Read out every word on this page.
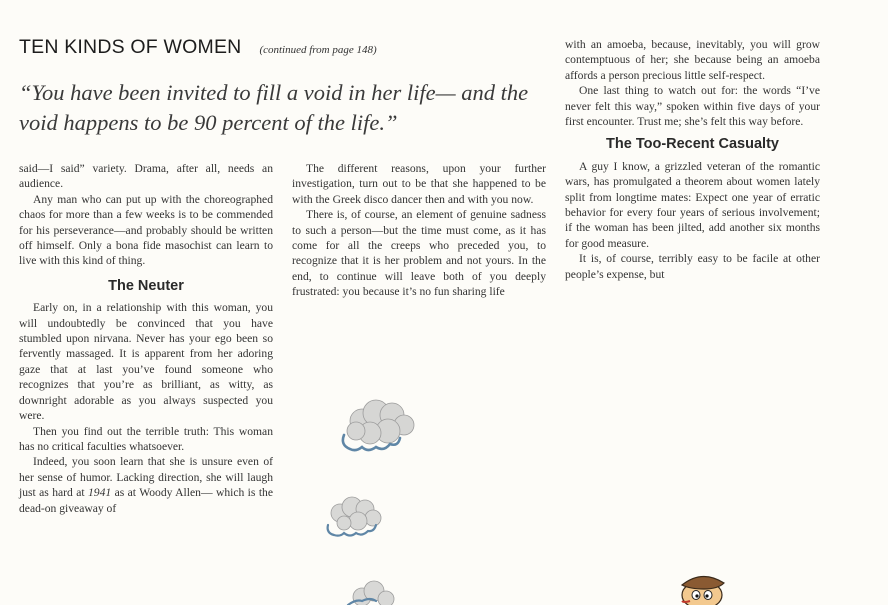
TEN KINDS OF WOMEN (continued from page 148)
“You have been invited to fill a void in her life— and the void happens to be 90 percent of the life.”

said—I said” variety. Drama, after all, needs an audience.

Any man who can put up with the choreographed chaos for more than a few weeks is to be commended for his perseverance—and probably should be written off himself. Only a bona fide masochist can learn to live with this kind of thing.

The Neuter

Early on, in a relationship with this woman, you will undoubtedly be convinced that you have stumbled upon nirvana. Never has your ego been so fervently massaged. It is apparent from her adoring gaze that at last you’ve found someone who recognizes that you’re as brilliant, as witty, as downright adorable as you always suspected you were.

Then you find out the terrible truth: This woman has no critical faculties whatsoever.

Indeed, you soon learn that she is unsure even of her sense of humor. Lacking direction, she will laugh just as hard at 1941 as at Woody Allen— which is the dead-on giveaway of

The different reasons, upon your further investigation, turn out to be that she happened to be with the Greek disco dancer then and with you now.

There is, of course, an element of genuine sadness to such a person—but the time must come, as it has come for all the creeps who preceded you, to recognize that it is her problem and not yours. In the end, to continue will leave both of you deeply frustrated: you because it’s no fun sharing life

with an amoeba, because, inevitably, you will grow contemptuous of her; she because being an amoeba affords a person precious little self-respect.

One last thing to watch out for: the words “I’ve never felt this way,” spoken within five days of your first encounter. Trust me; she’s felt this way before.

The Too-Recent Casualty

A guy I know, a grizzled veteran of the romantic wars, has promulgated a theorem about women lately split from longtime mates: Expect one year of erratic behavior for every four years of serious involvement; if the woman has been jilted, add another six months for good measure.

It is, of course, terribly easy to be facile at other people’s expense, but
